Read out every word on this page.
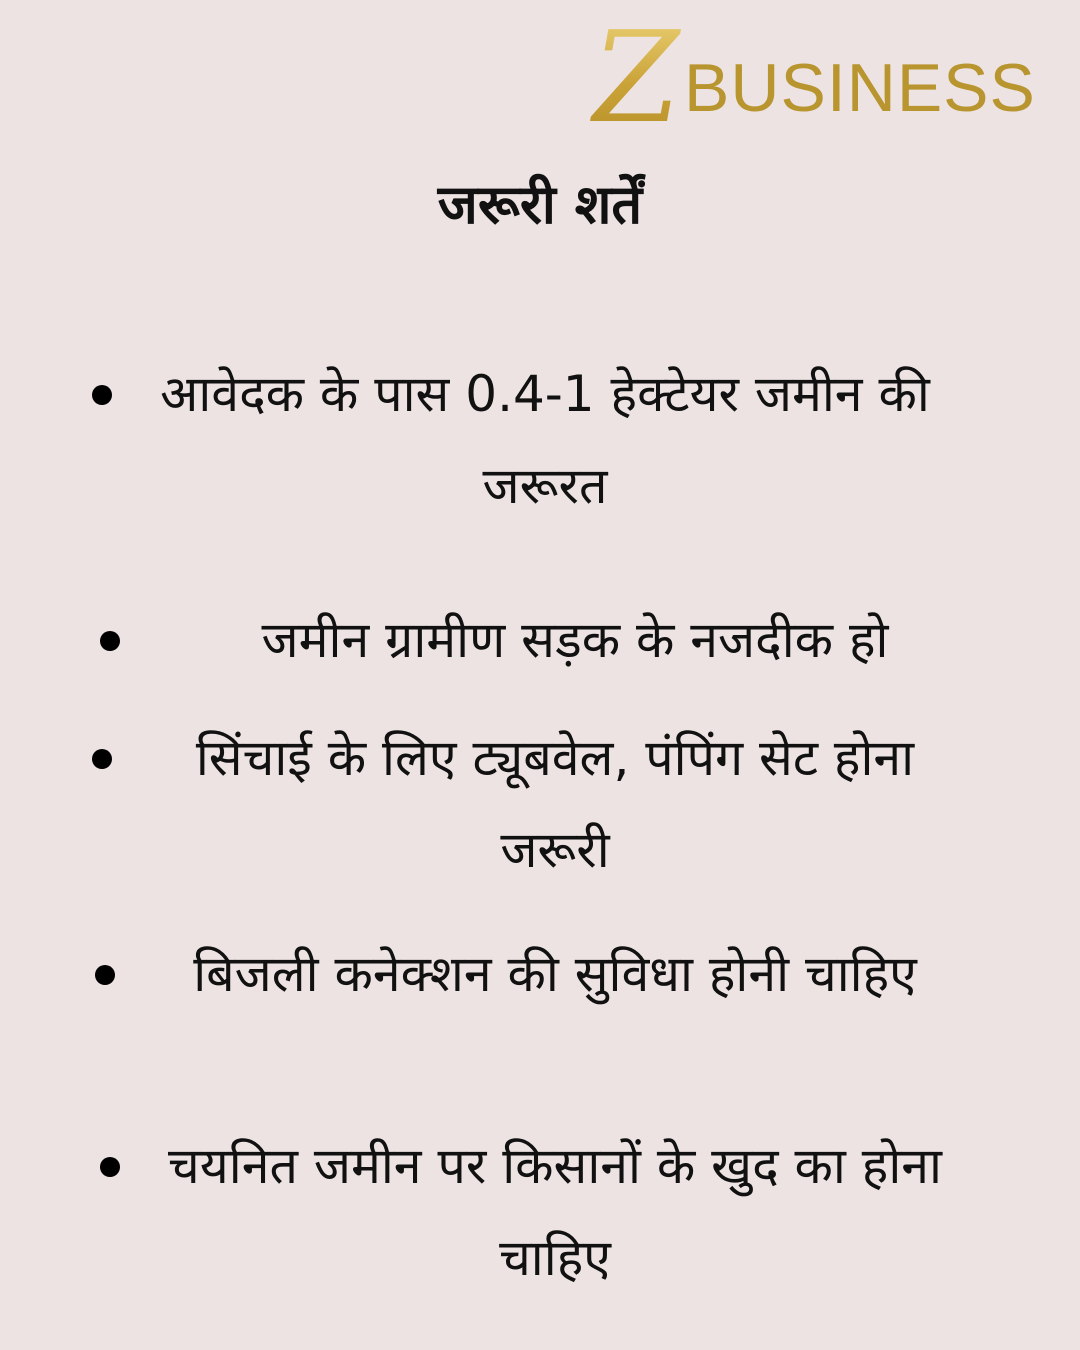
Z
BUSINESS
जरूरी शर्तें
आवेदक के पास 0.4-1 हेक्टेयर जमीन की जरूरत
जमीन ग्रामीण सड़क के नजदीक हो
सिंचाई के लिए ट्यूबवेल, पंपिंग सेट होना जरूरी
बिजली कनेक्शन की सुविधा होनी चाहिए
चयनित जमीन पर किसानों के खुद का होना चाहिए
